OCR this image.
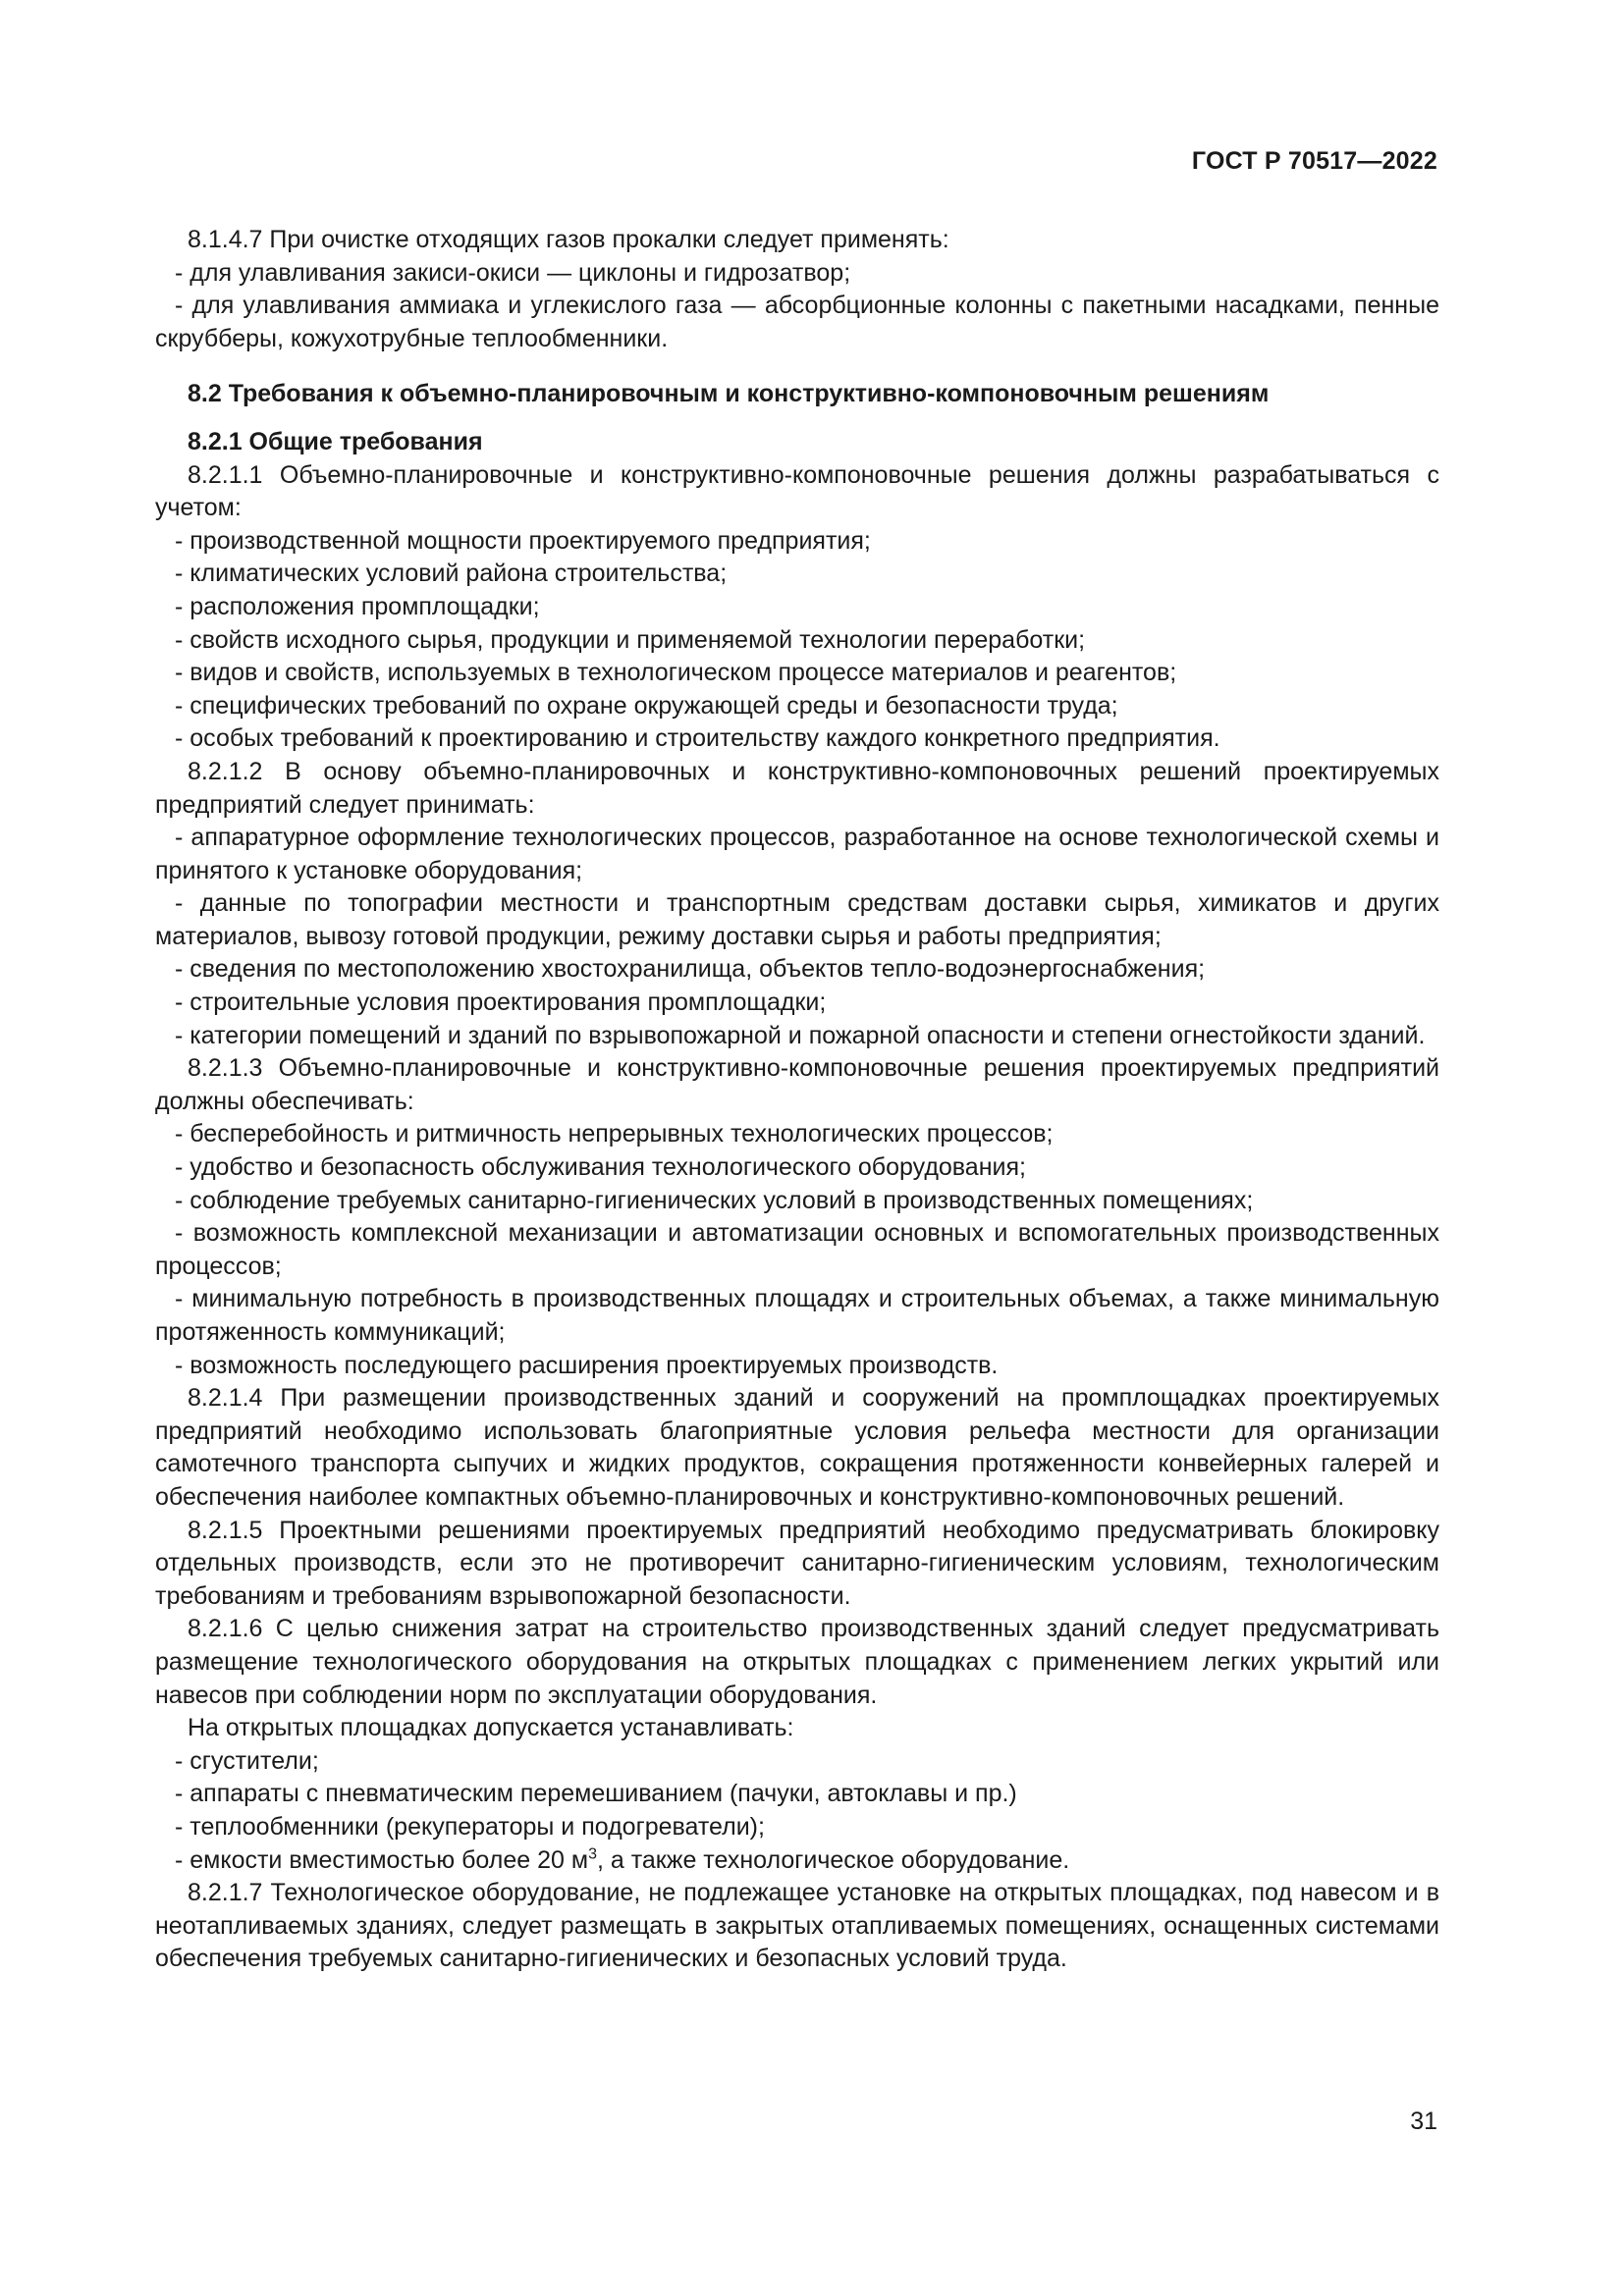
ГОСТ Р 70517—2022

8.1.4.7 При очистке отходящих газов прокалки следует применять:

- для улавливания закиси-окиси — циклоны и гидрозатвор;

- для улавливания аммиака и углекислого газа — абсорбционные колонны с пакетными насадками, пенные скрубберы, кожухотрубные теплообменники.

8.2 Требования к объемно-планировочным и конструктивно-компоновочным решениям

8.2.1 Общие требования

8.2.1.1 Объемно-планировочные и конструктивно-компоновочные решения должны разрабатываться с учетом:

- производственной мощности проектируемого предприятия;

- климатических условий района строительства;

- расположения промплощадки;

- свойств исходного сырья, продукции и применяемой технологии переработки;

- видов и свойств, используемых в технологическом процессе материалов и реагентов;

- специфических требований по охране окружающей среды и безопасности труда;

- особых требований к проектированию и строительству каждого конкретного предприятия.

8.2.1.2 В основу объемно-планировочных и конструктивно-компоновочных решений проектируемых предприятий следует принимать:

- аппаратурное оформление технологических процессов, разработанное на основе технологической схемы и принятого к установке оборудования;

- данные по топографии местности и транспортным средствам доставки сырья, химикатов и других материалов, вывозу готовой продукции, режиму доставки сырья и работы предприятия;

- сведения по местоположению хвостохранилища, объектов тепло-водоэнергоснабжения;

- строительные условия проектирования промплощадки;

- категории помещений и зданий по взрывопожарной и пожарной опасности и степени огнестойкости зданий.

8.2.1.3 Объемно-планировочные и конструктивно-компоновочные решения проектируемых предприятий должны обеспечивать:

- бесперебойность и ритмичность непрерывных технологических процессов;

- удобство и безопасность обслуживания технологического оборудования;

- соблюдение требуемых санитарно-гигиенических условий в производственных помещениях;

- возможность комплексной механизации и автоматизации основных и вспомогательных производственных процессов;

- минимальную потребность в производственных площадях и строительных объемах, а также минимальную протяженность коммуникаций;

- возможность последующего расширения проектируемых производств.

8.2.1.4 При размещении производственных зданий и сооружений на промплощадках проектируемых предприятий необходимо использовать благоприятные условия рельефа местности для организации самотечного транспорта сыпучих и жидких продуктов, сокращения протяженности конвейерных галерей и обеспечения наиболее компактных объемно-планировочных и конструктивно-компоновочных решений.

8.2.1.5 Проектными решениями проектируемых предприятий необходимо предусматривать блокировку отдельных производств, если это не противоречит санитарно-гигиеническим условиям, технологическим требованиям и требованиям взрывопожарной безопасности.

8.2.1.6 С целью снижения затрат на строительство производственных зданий следует предусматривать размещение технологического оборудования на открытых площадках с применением легких укрытий или навесов при соблюдении норм по эксплуатации оборудования.

На открытых площадках допускается устанавливать:

- сгустители;

- аппараты с пневматическим перемешиванием (пачуки, автоклавы и пр.)

- теплообменники (рекуператоры и подогреватели);

- емкости вместимостью более 20 $м^3$, а также технологическое оборудование.

8.2.1.7 Технологическое оборудование, не подлежащее установке на открытых площадках, под навесом и в неотапливаемых зданиях, следует размещать в закрытых отапливаемых помещениях, оснащенных системами обеспечения требуемых санитарно-гигиенических и безопасных условий труда.

31
